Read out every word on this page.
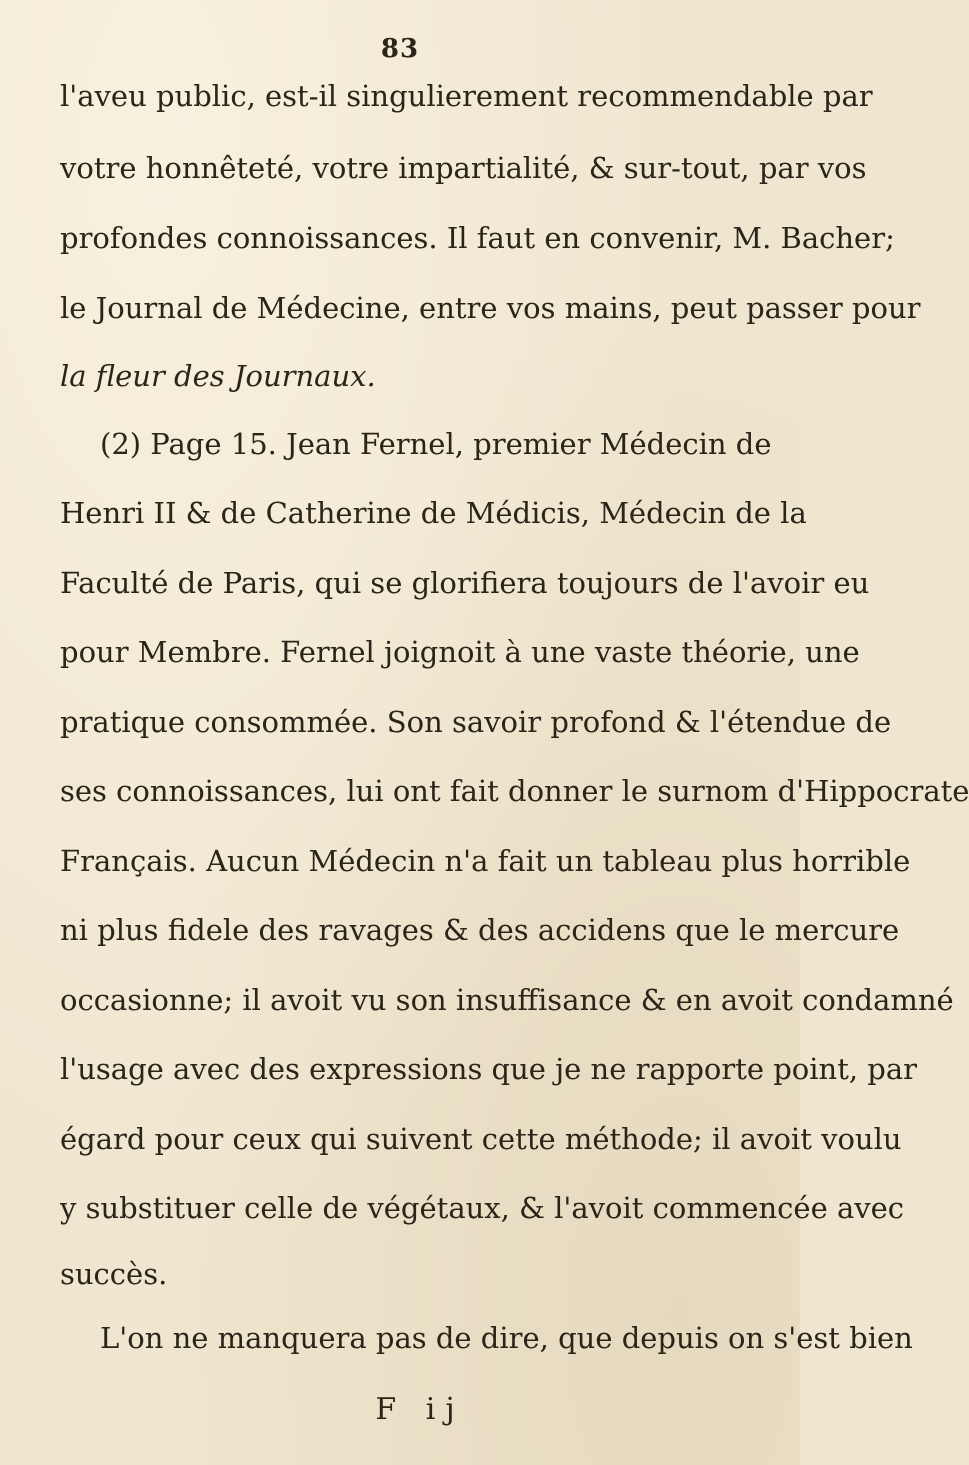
83
l'aveu public, est-il singulierement recommendable par
votre honnêteté, votre impartialité, & sur-tout, par vos
profondes connoissances. Il faut en convenir, M. Bacher;
le Journal de Médecine, entre vos mains, peut passer pour
la fleur des Journaux.
(2) Page 15. Jean Fernel, premier Médecin de
Henri II & de Catherine de Médicis, Médecin de la
Faculté de Paris, qui se glorifiera toujours de l'avoir eu
pour Membre. Fernel joignoit à une vaste théorie, une
pratique consommée. Son savoir profond & l'étendue de
ses connoissances, lui ont fait donner le surnom d'Hippocrate
Français. Aucun Médecin n'a fait un tableau plus horrible
ni plus fidele des ravages & des accidens que le mercure
occasionne; il avoit vu son insuffisance & en avoit condamné
l'usage avec des expressions que je ne rapporte point, par
égard pour ceux qui suivent cette méthode; il avoit voulu
y substituer celle de végétaux, & l'avoit commencée avec
succès.
L'on ne manquera pas de dire, que depuis on s'est bien
F ij
